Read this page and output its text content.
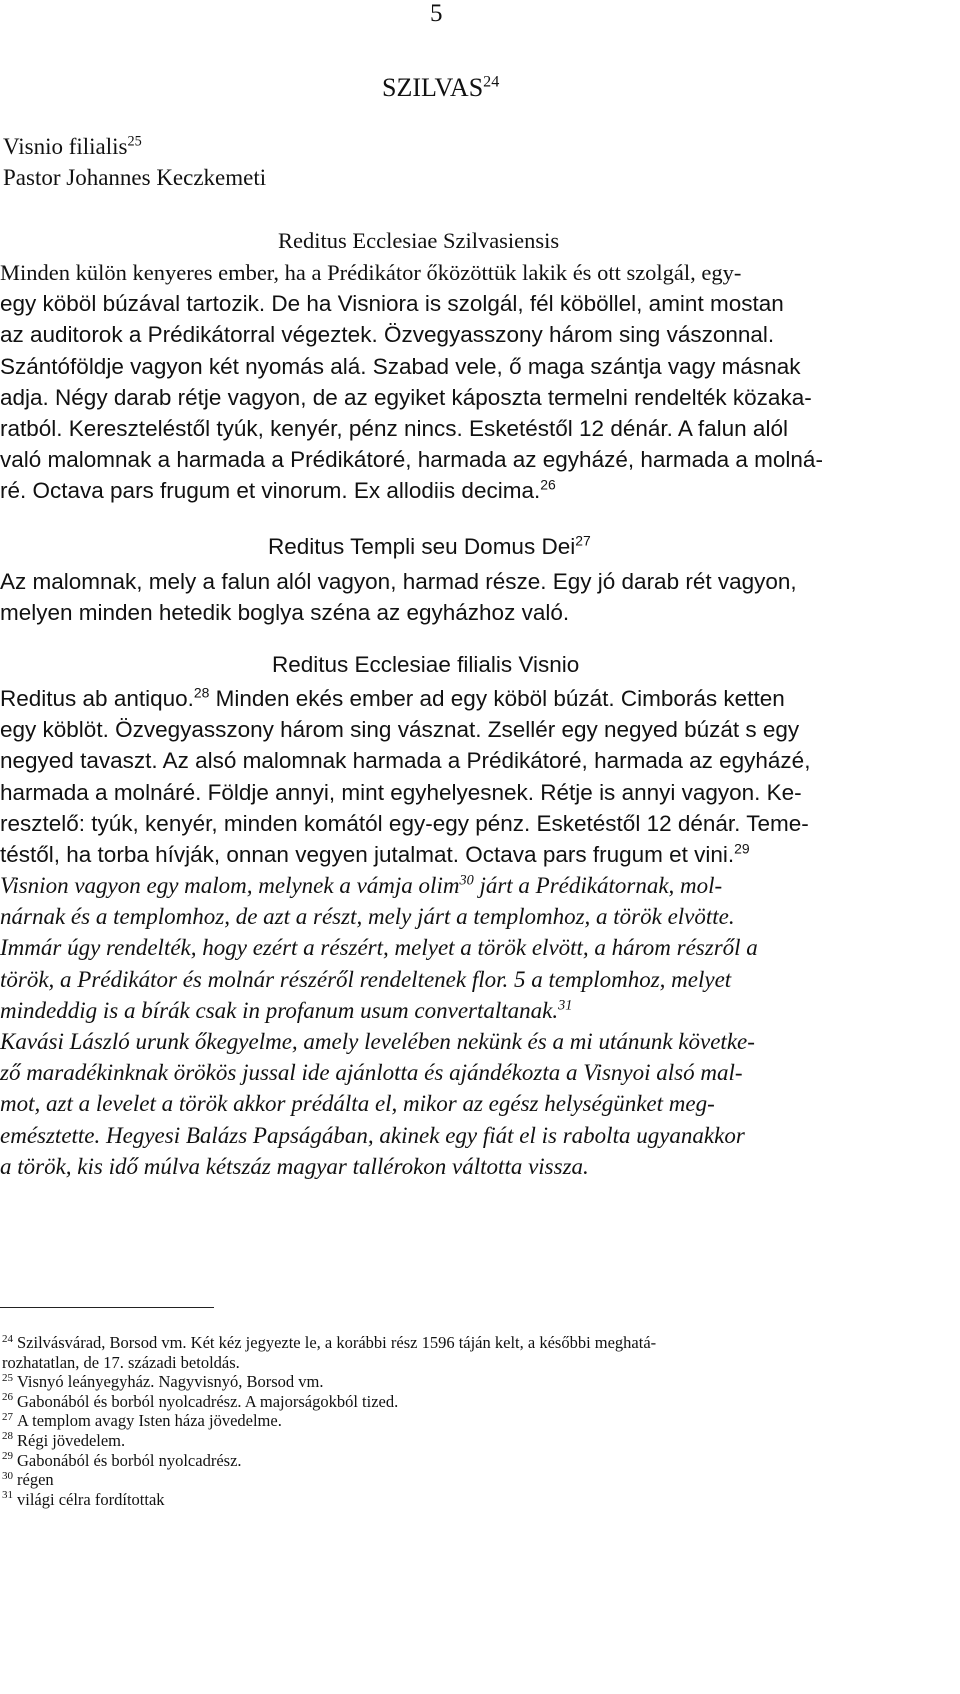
5
SZILVAS$^{24}$
Visnio filialis$^{25}$
Pastor Johannes Keczkemeti
Reditus Ecclesiae Szilvasiensis

Minden külön kenyeres ember, ha a Prédikátor őközöttük lakik és ott szolgál, egy-

egy köböl búzával tartozik. De ha Visniora is szolgál, fél köböllel, amint mostan

az auditorok a Prédikátorral végeztek. Özvegyasszony három sing vászonnal.

Szántóföldje vagyon két nyomás alá. Szabad vele, ő maga szántja vagy másnak

adja. Négy darab rétje vagyon, de az egyiket káposzta termelni rendelték közaka-

ratból. Kereszteléstől tyúk, kenyér, pénz nincs. Esketéstől 12 dénár. A falun alól

való malomnak a harmada a Prédikátoré, harmada az egyházé, harmada a molná-

ré. Octava pars frugum et vinorum. Ex allodiis decima.$^{26}$

Reditus Templi seu Domus Dei$^{27}$

Az malomnak, mely a falun alól vagyon, harmad része. Egy jó darab rét vagyon,

melyen minden hetedik boglya széna az egyházhoz való.

Reditus Ecclesiae filialis Visnio

Reditus ab antiquo.$^{28}$ Minden ekés ember ad egy köböl búzát. Cimborás ketten

egy köblöt. Özvegyasszony három sing vásznat. Zsellér egy negyed búzát s egy

negyed tavaszt. Az alsó malomnak harmada a Prédikátoré, harmada az egyházé,

harmada a molnáré. Földje annyi, mint egyhelyesnek. Rétje is annyi vagyon. Ke-

resztelő: tyúk, kenyér, minden komától egy-egy pénz. Esketéstől 12 dénár. Teme-

téstől, ha torba hívják, onnan vegyen jutalmat. Octava pars frugum et vini.$^{29}$

Visnion vagyon egy malom, melynek a vámja olim$^{30}$ járt a Prédikátornak, mol-

nárnak és a templomhoz, de azt a részt, mely járt a templomhoz, a török elvötte.

Immár úgy rendelték, hogy ezért a részért, melyet a török elvött, a három részről a

török, a Prédikátor és molnár részéről rendeltenek flor. 5 a templomhoz, melyet

mindeddig is a bírák csak in profanum usum convertaltanak.$^{31}$

Kavási László urunk őkegyelme, amely levelében nekünk és a mi utánunk követke-

ző maradékinknak örökös jussal ide ajánlotta és ajándékozta a Visnyoi alsó mal-

mot, azt a levelet a török akkor prédálta el, mikor az egész helységünket meg-

emésztette. Hegyesi Balázs Papságában, akinek egy fiát el is rabolta ugyanakkor

a török, kis idő múlva kétszáz magyar tallérokon váltotta vissza.

$^{24}$ Szilvásvárad, Borsod vm. Két kéz jegyezte le, a korábbi rész 1596 táján kelt, a későbbi meghatá-
rozhatatlan, de 17. századi betoldás.
$^{25}$ Visnyó leányegyház. Nagyvisnyó, Borsod vm.
$^{26}$ Gabonából és borból nyolcadrész. A majorságokból tized.
$^{27}$ A templom avagy Isten háza jövedelme.
$^{28}$ Régi jövedelem.
$^{29}$ Gabonából és borból nyolcadrész.
$^{30}$ régen
$^{31}$ világi célra fordítottak
